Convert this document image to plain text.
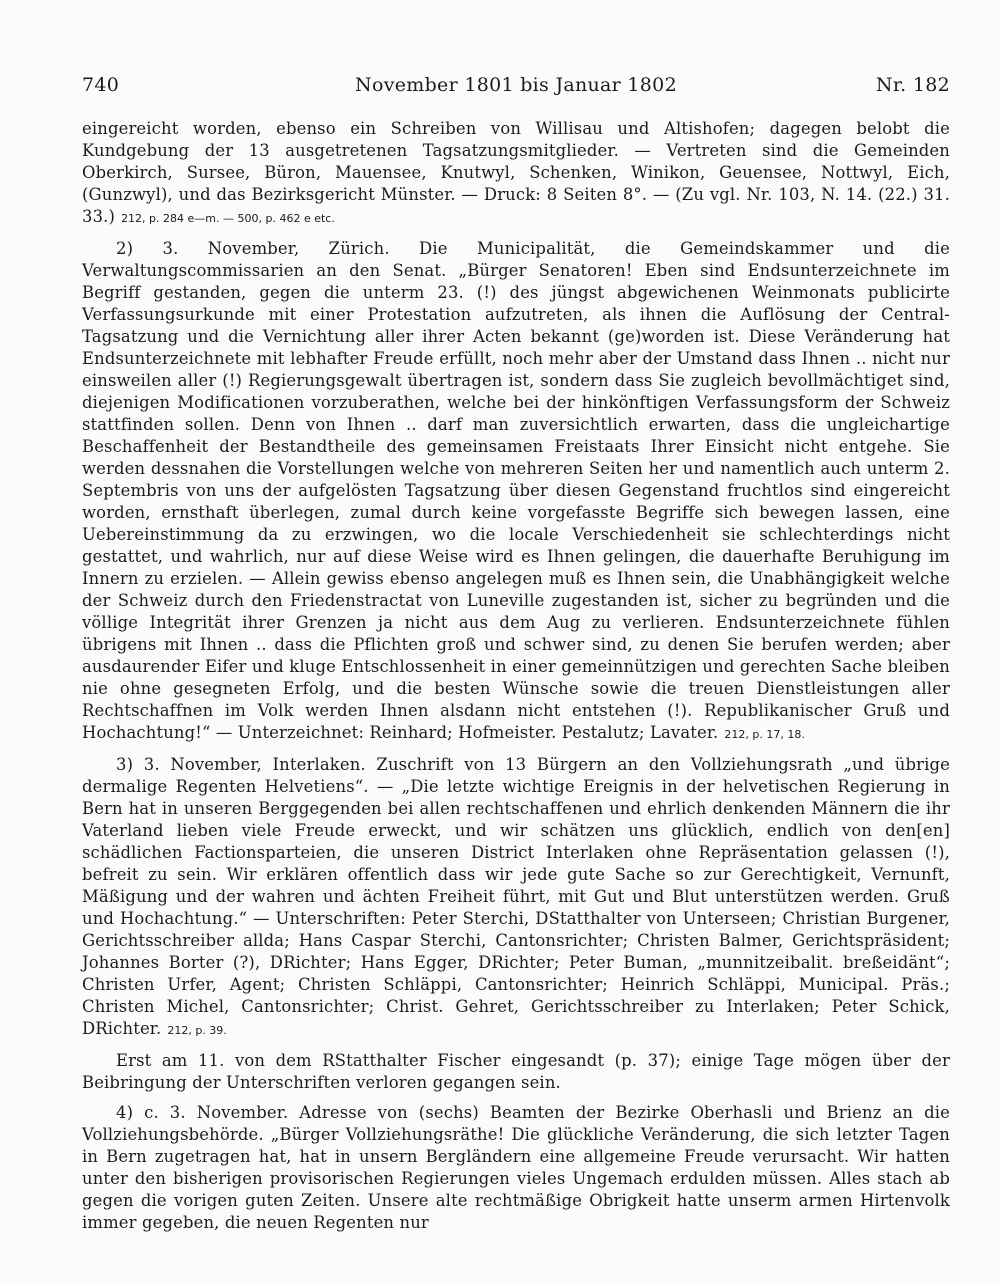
740	November 1801 bis Januar 1802	Nr. 182

eingereicht worden, ebenso ein Schreiben von Willisau und Altishofen; dagegen belobt die Kundgebung der 13 ausgetretenen Tagsatzungsmitglieder. — Vertreten sind die Gemeinden Oberkirch, Sursee, Büron, Mauensee, Knutwyl, Schenken, Winikon, Geuensee, Nottwyl, Eich, (Gunzwyl), und das Bezirksgericht Münster. — Druck: 8 Seiten 8°. — (Zu vgl. Nr. 103, N. 14. (22.) 31. 33.) 212, p. 284 e—m. — 500, p. 462 e etc.

2) 3. November, Zürich. Die Municipalität, die Gemeindskammer und die Verwaltungscommissarien an den Senat. „Bürger Senatoren! Eben sind Endsunterzeichnete im Begriff gestanden, gegen die unterm 23. (!) des jüngst abgewichenen Weinmonats publicirte Verfassungsurkunde mit einer Protestation aufzutreten, als ihnen die Auflösung der Central-Tagsatzung und die Vernichtung aller ihrer Acten bekannt (ge)worden ist. Diese Veränderung hat Endsunterzeichnete mit lebhafter Freude erfüllt, noch mehr aber der Umstand dass Ihnen .. nicht nur einsweilen aller (!) Regierungsgewalt übertragen ist, sondern dass Sie zugleich bevollmächtiget sind, diejenigen Modificationen vorzuberathen, welche bei der hinkönftigen Verfassungsform der Schweiz stattfinden sollen. Denn von Ihnen .. darf man zuversichtlich erwarten, dass die ungleichartige Beschaffenheit der Bestandtheile des gemeinsamen Freistaats Ihrer Einsicht nicht entgehe. Sie werden dessnahen die Vorstellungen welche von mehreren Seiten her und namentlich auch unterm 2. Septembris von uns der aufgelösten Tagsatzung über diesen Gegenstand fruchtlos sind eingereicht worden, ernsthaft überlegen, zumal durch keine vorgefasste Begriffe sich bewegen lassen, eine Uebereinstimmung da zu erzwingen, wo die locale Verschiedenheit sie schlechterdings nicht gestattet, und wahrlich, nur auf diese Weise wird es Ihnen gelingen, die dauerhafte Beruhigung im Innern zu erzielen. — Allein gewiss ebenso angelegen muß es Ihnen sein, die Unabhängigkeit welche der Schweiz durch den Friedenstractat von Luneville zugestanden ist, sicher zu begründen und die völlige Integrität ihrer Grenzen ja nicht aus dem Aug zu verlieren. Endsunterzeichnete fühlen übrigens mit Ihnen .. dass die Pflichten groß und schwer sind, zu denen Sie berufen werden; aber ausdaurender Eifer und kluge Entschlossenheit in einer gemeinnützigen und gerechten Sache bleiben nie ohne gesegneten Erfolg, und die besten Wünsche sowie die treuen Dienstleistungen aller Rechtschaffnen im Volk werden Ihnen alsdann nicht entstehen (!). Republikanischer Gruß und Hochachtung!“ — Unterzeichnet: Reinhard; Hofmeister. Pestalutz; Lavater. 212, p. 17, 18.

3) 3. November, Interlaken. Zuschrift von 13 Bürgern an den Vollziehungsrath „und übrige dermalige Regenten Helvetiens“. — „Die letzte wichtige Ereignis in der helvetischen Regierung in Bern hat in unseren Berggegenden bei allen rechtschaffenen und ehrlich denkenden Männern die ihr Vaterland lieben viele Freude erweckt, und wir schätzen uns glücklich, endlich von den[en] schädlichen Factionsparteien, die unseren District Interlaken ohne Repräsentation gelassen (!), befreit zu sein. Wir erklären offentlich dass wir jede gute Sache so zur Gerechtigkeit, Vernunft, Mäßigung und der wahren und ächten Freiheit führt, mit Gut und Blut unterstützen werden. Gruß und Hochachtung.“ — Unterschriften: Peter Sterchi, DStatthalter von Unterseen; Christian Burgener, Gerichtsschreiber allda; Hans Caspar Sterchi, Cantonsrichter; Christen Balmer, Gerichtspräsident; Johannes Borter (?), DRichter; Hans Egger, DRichter; Peter Buman, „munnitzeibalit. breßeidänt“; Christen Urfer, Agent; Christen Schläppi, Cantonsrichter; Heinrich Schläppi, Municipal. Präs.; Christen Michel, Cantonsrichter; Christ. Gehret, Gerichtsschreiber zu Interlaken; Peter Schick, DRichter. 212, p. 39.

Erst am 11. von dem RStatthalter Fischer eingesandt (p. 37); einige Tage mögen über der Beibringung der Unterschriften verloren gegangen sein.

4) c. 3. November. Adresse von (sechs) Beamten der Bezirke Oberhasli und Brienz an die Vollziehungsbehörde. „Bürger Vollziehungsräthe! Die glückliche Veränderung, die sich letzter Tagen in Bern zugetragen hat, hat in unsern Bergländern eine allgemeine Freude verursacht. Wir hatten unter den bisherigen provisorischen Regierungen vieles Ungemach erdulden müssen. Alles stach ab gegen die vorigen guten Zeiten. Unsere alte rechtmäßige Obrigkeit hatte unserm armen Hirtenvolk immer gegeben, die neuen Regenten nur
